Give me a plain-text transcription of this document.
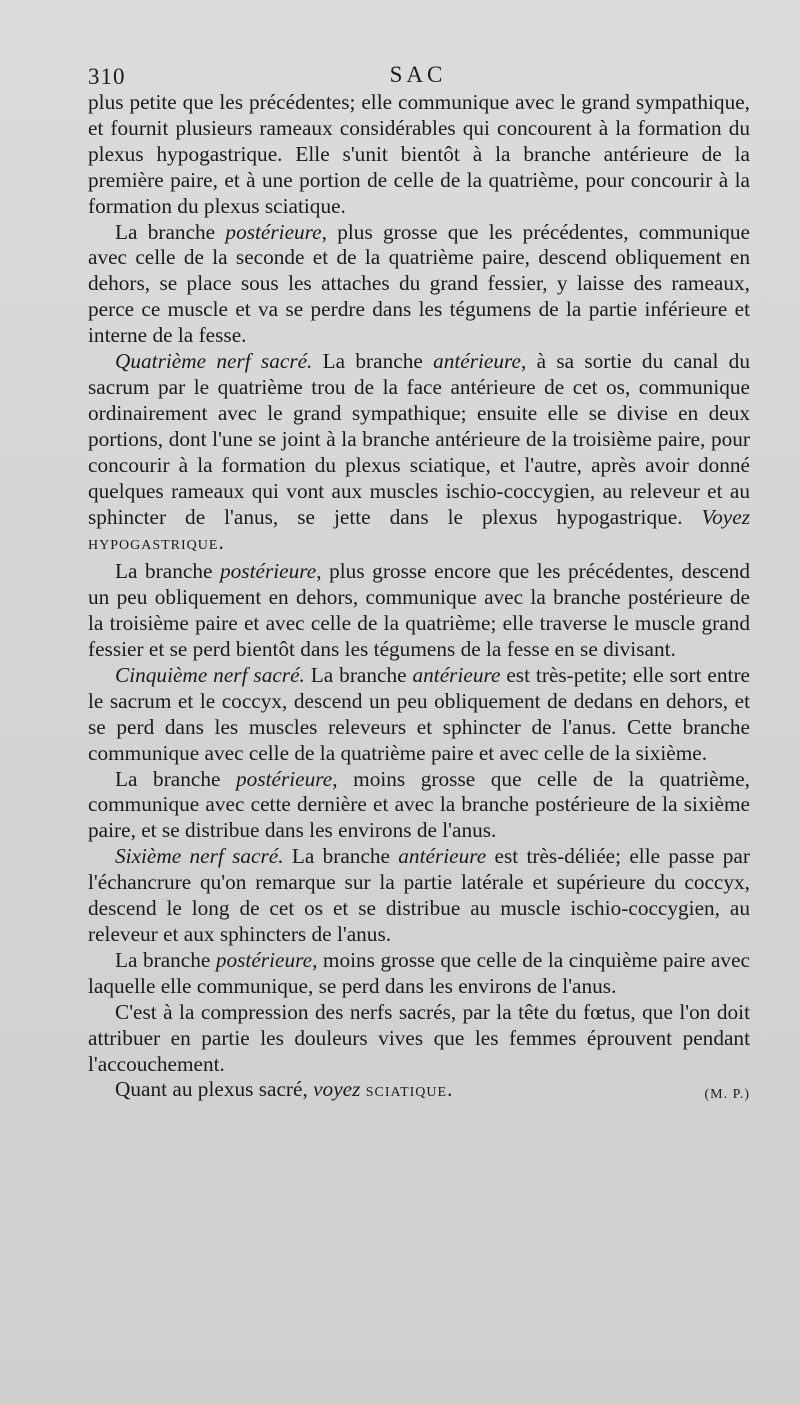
310	SAC

plus petite que les précédentes; elle communique avec le grand sympathique, et fournit plusieurs rameaux considérables qui concourent à la formation du plexus hypogastrique. Elle s'unit bientôt à la branche antérieure de la première paire, et à une portion de celle de la quatrième, pour concourir à la formation du plexus sciatique.

La branche postérieure, plus grosse que les précédentes, communique avec celle de la seconde et de la quatrième paire, descend obliquement en dehors, se place sous les attaches du grand fessier, y laisse des rameaux, perce ce muscle et va se perdre dans les tégumens de la partie inférieure et interne de la fesse.

Quatrième nerf sacré. La branche antérieure, à sa sortie du canal du sacrum par le quatrième trou de la face antérieure de cet os, communique ordinairement avec le grand sympathique; ensuite elle se divise en deux portions, dont l'une se joint à la branche antérieure de la troisième paire, pour concourir à la formation du plexus sciatique, et l'autre, après avoir donné quelques rameaux qui vont aux muscles ischio-coccygien, au releveur et au sphincter de l'anus, se jette dans le plexus hypogastrique. Voyez HYPOGASTRIQUE.

La branche postérieure, plus grosse encore que les précédentes, descend un peu obliquement en dehors, communique avec la branche postérieure de la troisième paire et avec celle de la quatrième; elle traverse le muscle grand fessier et se perd bientôt dans les tégumens de la fesse en se divisant.

Cinquième nerf sacré. La branche antérieure est très-petite; elle sort entre le sacrum et le coccyx, descend un peu obliquement de dedans en dehors, et se perd dans les muscles releveurs et sphincter de l'anus. Cette branche communique avec celle de la quatrième paire et avec celle de la sixième.

La branche postérieure, moins grosse que celle de la quatrième, communique avec cette dernière et avec la branche postérieure de la sixième paire, et se distribue dans les environs de l'anus.

Sixième nerf sacré. La branche antérieure est très-déliée; elle passe par l'échancrure qu'on remarque sur la partie latérale et supérieure du coccyx, descend le long de cet os et se distribue au muscle ischio-coccygien, au releveur et aux sphincters de l'anus.

La branche postérieure, moins grosse que celle de la cinquième paire avec laquelle elle communique, se perd dans les environs de l'anus.

C'est à la compression des nerfs sacrés, par la tête du fœtus, que l'on doit attribuer en partie les douleurs vives que les femmes éprouvent pendant l'accouchement.

Quant au plexus sacré, voyez SCIATIQUE.	(M. P.)
